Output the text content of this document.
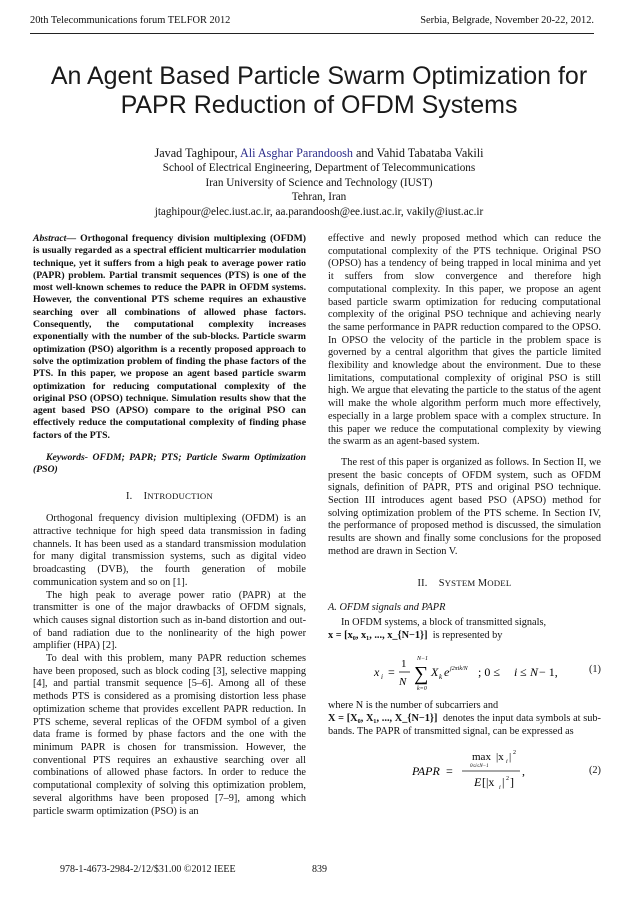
20th Telecommunications forum TELFOR 2012	Serbia, Belgrade, November 20-22, 2012.
An Agent Based Particle Swarm Optimization for
PAPR Reduction of OFDM Systems
Javad Taghipour, Ali Asghar Parandoosh and Vahid Tabataba Vakili
School of Electrical Engineering, Department of Telecommunications
Iran University of Science and Technology (IUST)
Tehran, Iran
jtaghipour@elec.iust.ac.ir, aa.parandoosh@ee.iust.ac.ir, vakily@iust.ac.ir

Abstract— Orthogonal frequency division multiplexing (OFDM) is usually regarded as a spectral efficient multicarrier modulation technique, yet it suffers from a high peak to average power ratio (PAPR) problem. Partial transmit sequences (PTS) is one of the most well-known schemes to reduce the PAPR in OFDM systems. However, the conventional PTS scheme requires an exhaustive searching over all combinations of allowed phase factors. Consequently, the computational complexity increases exponentially with the number of the sub-blocks. Particle swarm optimization (PSO) algorithm is a recently proposed approach to solve the optimization problem of finding the phase factors of the PTS. In this paper, we propose an agent based particle swarm optimization for reducing computational complexity of the original PSO (OPSO) technique. Simulation results show that the agent based PSO (APSO) compare to the original PSO can effectively reduce the computational complexity of finding phase factors of the PTS.

Keywords- OFDM; PAPR; PTS; Particle Swarm Optimization (PSO)

I. INTRODUCTION

Orthogonal frequency division multiplexing (OFDM) is an attractive technique for high speed data transmission in fading channels. It has been used as a standard transmission modulation for many digital transmission systems, such as digital video broadcasting (DVB), the fourth generation of mobile communication system and so on [1].

The high peak to average power ratio (PAPR) at the transmitter is one of the major drawbacks of OFDM signals, which causes signal distortion such as in-band distortion and out-of band radiation due to the nonlinearity of the high power amplifier (HPA) [2].

To deal with this problem, many PAPR reduction schemes have been proposed, such as block coding [3], selective mapping [4], and partial transmit sequence [5–6]. Among all of these methods PTS is considered as a promising distortion less phase optimization scheme that provides excellent PAPR reduction. In PTS scheme, several replicas of the OFDM symbol of a given data frame is formed by phase factors and the one with the minimum PAPR is chosen for transmission. However, the conventional PTS requires an exhaustive searching over all combinations of allowed phase factors. In order to reduce the computational complexity of solving this optimization problem, several algorithms have been proposed [7–9], among which particle swarm optimization (PSO) is an

effective and newly proposed method which can reduce the computational complexity of the PTS technique. Original PSO (OPSO) has a tendency of being trapped in local minima and yet it suffers from slow convergence and therefore high computational complexity. In this paper, we propose an agent based particle swarm optimization for reducing computational complexity of the original PSO technique and achieving nearly the same performance in PAPR reduction compared to the OPSO. In OPSO the velocity of the particle in the problem space is governed by a central algorithm that gives the particle limited flexibility and knowledge about the environment. Due to these limitations, computational complexity of original PSO is still high. We argue that elevating the particle to the status of the agent will make the whole algorithm perform much more effectively, especially in a large problem space with a complex structure. In this paper we reduce the computational complexity by viewing the swarm as an agent-based system.

The rest of this paper is organized as follows. In Section II, we present the basic concepts of OFDM system, such as OFDM signals, definition of PAPR, PTS and original PSO technique. Section III introduces agent based PSO (APSO) method for solving optimization problem of the PTS scheme. In Section IV, the performance of proposed method is discussed, the simulation results are shown and finally some conclusions for the proposed method are drawn in Section V.

II. SYSTEM MODEL

A. OFDM signals and PAPR

In OFDM systems, a block of transmitted signals,
x = [x₀, x₁, ..., x_{N−1}] is represented by

x i =
1
N ∑
N−1
k=0
X k e j2πik/N ; 0 ≤ i ≤ N − 1,	(1)

where N is the number of subcarriers and
X = [X₀, X₁, ..., X_{N−1}] denotes the input data symbols at sub-bands. The PAPR of transmitted signal, can be expressed as

PAPR =
max |x i | 2
0≤i≤N−1
E [|x i | 2 ]
,	(2)
978-1-4673-2984-2/12/$31.00 ©2012 IEEE	839
